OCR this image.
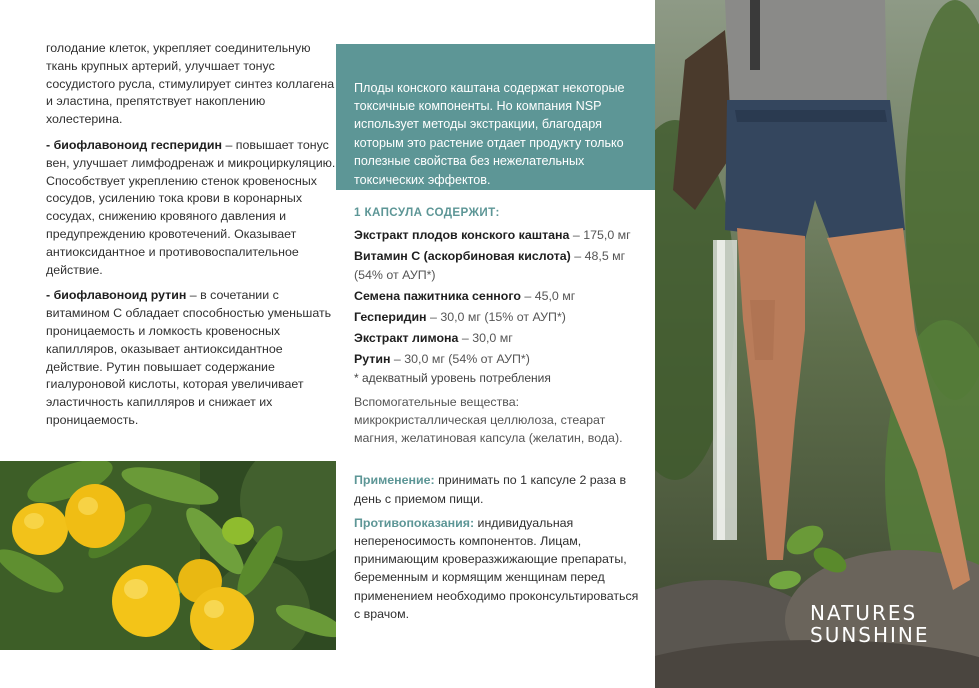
голодание клеток, укрепляет соединительную ткань крупных артерий, улучшает тонус сосудистого русла, стимулирует синтез коллагена и эластина, препятствует накоплению холестерина.

- биофлавоноид гесперидин – повышает тонус вен, улучшает лимфодренаж и микроциркуляцию. Способствует укреплению стенок кровеносных сосудов, усилению тока крови в коронарных сосудах, снижению кровяного давления и предупреждению кровотечений. Оказывает антиоксидантное и противовоспалительное действие.

- биофлавоноид рутин – в сочетании с витамином С обладает способностью уменьшать проницаемость и ломкость кровеносных капилляров, оказывает антиоксидантное действие. Рутин повышает содержание гиалуроновой кислоты, которая увеличивает эластичность капилляров и снижает их проницаемость.

Плоды конского каштана содержат некоторые токсичные компоненты. Но компания NSP использует методы экстракции, благодаря которым это растение отдает продукту только полезные свойства без нежелательных токсических эффектов.

1 КАПСУЛА СОДЕРЖИТ:

Экстракт плодов конского каштана – 175,0 мг

Витамин С (аскорбиновая кислота) – 48,5 мг (54% от АУП*)

Семена пажитника сенного – 45,0 мг

Гесперидин – 30,0 мг (15% от АУП*)

Экстракт лимона – 30,0 мг

Рутин – 30,0 мг (54% от АУП*)

* адекватный уровень потребления

Вспомогательные вещества: микрокристаллическая целлюлоза, стеарат магния, желатиновая капсула (желатин, вода).

Применение: принимать по 1 капсуле 2 раза в день с приемом пищи.

Противопоказания: индивидуальная непереносимость компонентов. Лицам, принимающим кроверазжижающие препараты, беременным и кормящим женщинам перед применением необходимо проконсультироваться с врачом.	NATURES
SUNSHINE
